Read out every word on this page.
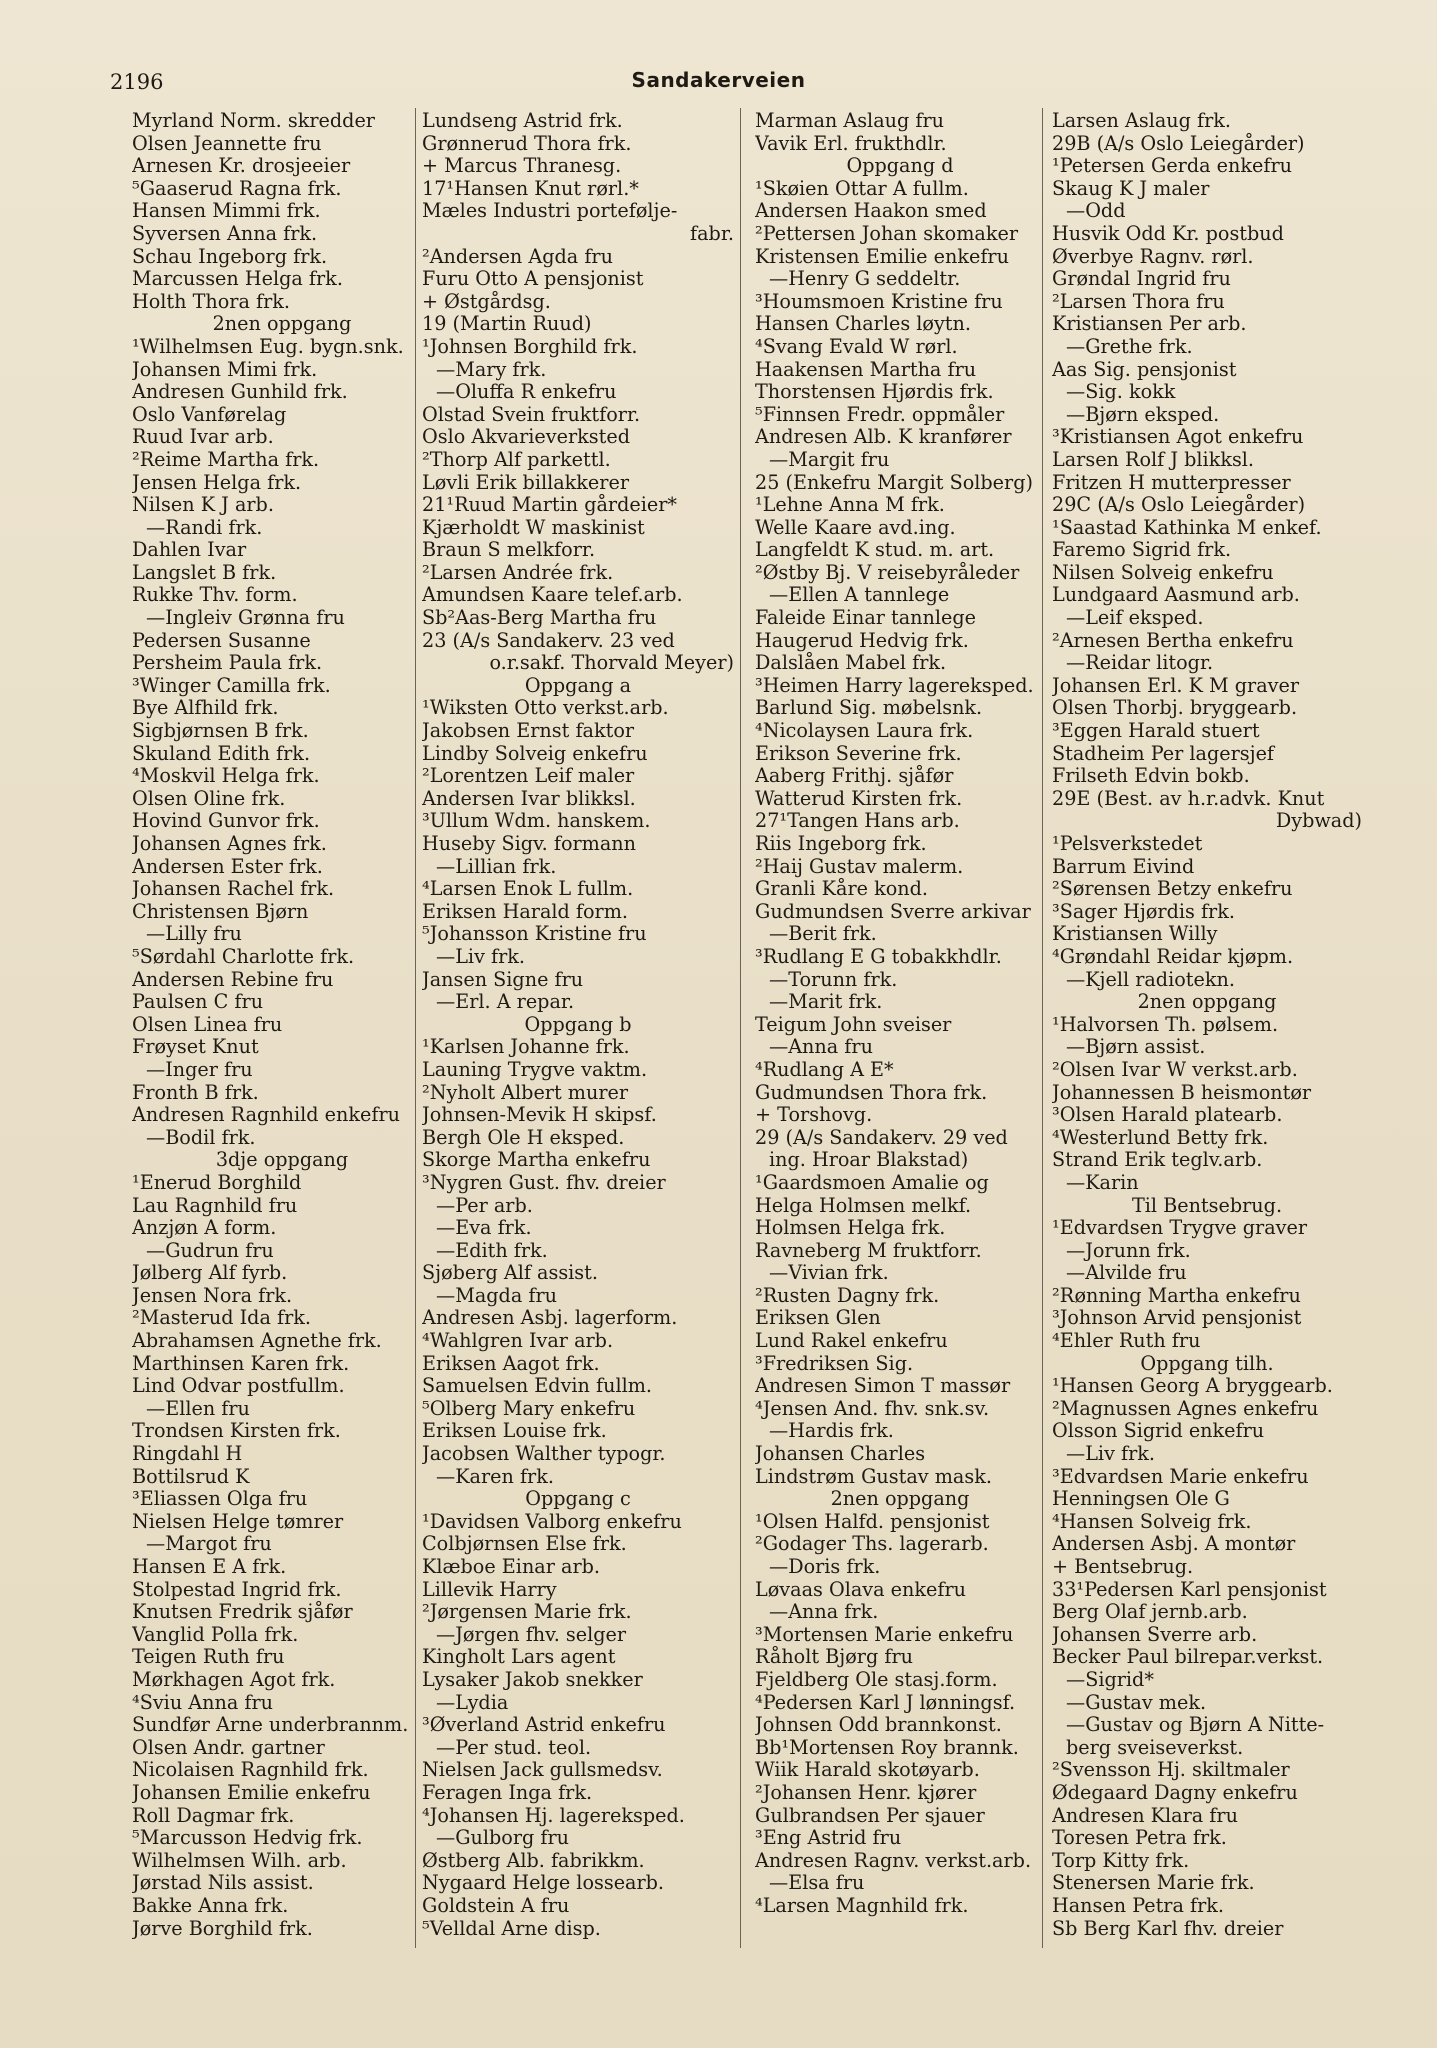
2196	Sandakerveien
Myrland Norm. skredder
Olsen Jeannette fru
Arnesen Kr. drosjeeier
⁵Gaaserud Ragna frk.
Hansen Mimmi frk.
Syversen Anna frk.
Schau Ingeborg frk.
Marcussen Helga frk.
Holth Thora frk.
2nen oppgang
¹Wilhelmsen Eug. bygn.snk.
Johansen Mimi frk.
Andresen Gunhild frk.
Oslo Vanførelag
Ruud Ivar arb.
²Reime Martha frk.
Jensen Helga frk.
Nilsen K J arb.
—Randi frk.
Dahlen Ivar
Langslet B frk.
Rukke Thv. form.
—Ingleiv Grønna fru
Pedersen Susanne
Persheim Paula frk.
³Winger Camilla frk.
Bye Alfhild frk.
Sigbjørnsen B frk.
Skuland Edith frk.
⁴Moskvil Helga frk.
Olsen Oline frk.
Hovind Gunvor frk.
Johansen Agnes frk.
Andersen Ester frk.
Johansen Rachel frk.
Christensen Bjørn
—Lilly fru
⁵Sørdahl Charlotte frk.
Andersen Rebine fru
Paulsen C fru
Olsen Linea fru
Frøyset Knut
—Inger fru
Fronth B frk.
Andresen Ragnhild enkefru
—Bodil frk.
3dje oppgang
¹Enerud Borghild
Lau Ragnhild fru
Anzjøn A form.
—Gudrun fru
Jølberg Alf fyrb.
Jensen Nora frk.
²Masterud Ida frk.
Abrahamsen Agnethe frk.
Marthinsen Karen frk.
Lind Odvar postfullm.
—Ellen fru
Trondsen Kirsten frk.
Ringdahl H
Bottilsrud K
³Eliassen Olga fru
Nielsen Helge tømrer
—Margot fru
Hansen E A frk.
Stolpestad Ingrid frk.
Knutsen Fredrik sjåfør
Vanglid Polla frk.
Teigen Ruth fru
Mørkhagen Agot frk.
⁴Sviu Anna fru
Sundfør Arne underbrannm.
Olsen Andr. gartner
Nicolaisen Ragnhild frk.
Johansen Emilie enkefru
Roll Dagmar frk.
⁵Marcusson Hedvig frk.
Wilhelmsen Wilh. arb.
Jørstad Nils assist.
Bakke Anna frk.
Jørve Borghild frk.
Lundseng Astrid frk.
Grønnerud Thora frk.
+ Marcus Thranesg.
17¹Hansen Knut rørl.*
Mæles Industri portefølje-
fabr.
²Andersen Agda fru
Furu Otto A pensjonist
+ Østgårdsg.
19 (Martin Ruud)
¹Johnsen Borghild frk.
—Mary frk.
—Oluffa R enkefru
Olstad Svein fruktforr.
Oslo Akvarieverksted
²Thorp Alf parkettl.
Løvli Erik billakkerer
21¹Ruud Martin gårdeier*
Kjærholdt W maskinist
Braun S melkforr.
²Larsen Andrée frk.
Amundsen Kaare telef.arb.
Sb²Aas-Berg Martha fru
23 (A/s Sandakerv. 23 ved
o.r.sakf. Thorvald Meyer)
Oppgang a
¹Wiksten Otto verkst.arb.
Jakobsen Ernst faktor
Lindby Solveig enkefru
²Lorentzen Leif maler
Andersen Ivar blikksl.
³Ullum Wdm. hanskem.
Huseby Sigv. formann
—Lillian frk.
⁴Larsen Enok L fullm.
Eriksen Harald form.
⁵Johansson Kristine fru
—Liv frk.
Jansen Signe fru
—Erl. A repar.
Oppgang b
¹Karlsen Johanne frk.
Launing Trygve vaktm.
²Nyholt Albert murer
Johnsen-Mevik H skipsf.
Bergh Ole H eksped.
Skorge Martha enkefru
³Nygren Gust. fhv. dreier
—Per arb.
—Eva frk.
—Edith frk.
Sjøberg Alf assist.
—Magda fru
Andresen Asbj. lagerform.
⁴Wahlgren Ivar arb.
Eriksen Aagot frk.
Samuelsen Edvin fullm.
⁵Olberg Mary enkefru
Eriksen Louise frk.
Jacobsen Walther typogr.
—Karen frk.
Oppgang c
¹Davidsen Valborg enkefru
Colbjørnsen Else frk.
Klæboe Einar arb.
Lillevik Harry
²Jørgensen Marie frk.
—Jørgen fhv. selger
Kingholt Lars agent
Lysaker Jakob snekker
—Lydia
³Øverland Astrid enkefru
—Per stud. teol.
Nielsen Jack gullsmedsv.
Feragen Inga frk.
⁴Johansen Hj. lagereksped.
—Gulborg fru
Østberg Alb. fabrikkm.
Nygaard Helge lossearb.
Goldstein A fru
⁵Velldal Arne disp.
Marman Aslaug fru
Vavik Erl. frukthdlr.
Oppgang d
¹Skøien Ottar A fullm.
Andersen Haakon smed
²Pettersen Johan skomaker
Kristensen Emilie enkefru
—Henry G seddeltr.
³Houmsmoen Kristine fru
Hansen Charles løytn.
⁴Svang Evald W rørl.
Haakensen Martha fru
Thorstensen Hjørdis frk.
⁵Finnsen Fredr. oppmåler
Andresen Alb. K kranfører
—Margit fru
25 (Enkefru Margit Solberg)
¹Lehne Anna M frk.
Welle Kaare avd.ing.
Langfeldt K stud. m. art.
²Østby Bj. V reisebyråleder
—Ellen A tannlege
Faleide Einar tannlege
Haugerud Hedvig frk.
Dalslåen Mabel frk.
³Heimen Harry lagereksped.
Barlund Sig. møbelsnk.
⁴Nicolaysen Laura frk.
Erikson Severine frk.
Aaberg Frithj. sjåfør
Watterud Kirsten frk.
27¹Tangen Hans arb.
Riis Ingeborg frk.
²Haij Gustav malerm.
Granli Kåre kond.
Gudmundsen Sverre arkivar
—Berit frk.
³Rudlang E G tobakkhdlr.
—Torunn frk.
—Marit frk.
Teigum John sveiser
—Anna fru
⁴Rudlang A E*
Gudmundsen Thora frk.
+ Torshovg.
29 (A/s Sandakerv. 29 ved
ing. Hroar Blakstad)
¹Gaardsmoen Amalie og
Helga Holmsen melkf.
Holmsen Helga frk.
Ravneberg M fruktforr.
—Vivian frk.
²Rusten Dagny frk.
Eriksen Glen
Lund Rakel enkefru
³Fredriksen Sig.
Andresen Simon T massør
⁴Jensen And. fhv. snk.sv.
—Hardis frk.
Johansen Charles
Lindstrøm Gustav mask.
2nen oppgang
¹Olsen Halfd. pensjonist
²Godager Ths. lagerarb.
—Doris frk.
Løvaas Olava enkefru
—Anna frk.
³Mortensen Marie enkefru
Råholt Bjørg fru
Fjeldberg Ole stasj.form.
⁴Pedersen Karl J lønningsf.
Johnsen Odd brannkonst.
Bb¹Mortensen Roy brannk.
Wiik Harald skotøyarb.
²Johansen Henr. kjører
Gulbrandsen Per sjauer
³Eng Astrid fru
Andresen Ragnv. verkst.arb.
—Elsa fru
⁴Larsen Magnhild frk.
Larsen Aslaug frk.
29B (A/s Oslo Leiegårder)
¹Petersen Gerda enkefru
Skaug K J maler
—Odd
Husvik Odd Kr. postbud
Øverbye Ragnv. rørl.
Grøndal Ingrid fru
²Larsen Thora fru
Kristiansen Per arb.
—Grethe frk.
Aas Sig. pensjonist
—Sig. kokk
—Bjørn eksped.
³Kristiansen Agot enkefru
Larsen Rolf J blikksl.
Fritzen H mutterpresser
29C (A/s Oslo Leiegårder)
¹Saastad Kathinka M enkef.
Faremo Sigrid frk.
Nilsen Solveig enkefru
Lundgaard Aasmund arb.
—Leif eksped.
²Arnesen Bertha enkefru
—Reidar litogr.
Johansen Erl. K M graver
Olsen Thorbj. bryggearb.
³Eggen Harald stuert
Stadheim Per lagersjef
Frilseth Edvin bokb.
29E (Best. av h.r.advk. Knut
Dybwad)
¹Pelsverkstedet
Barrum Eivind
²Sørensen Betzy enkefru
³Sager Hjørdis frk.
Kristiansen Willy
⁴Grøndahl Reidar kjøpm.
—Kjell radiotekn.
2nen oppgang
¹Halvorsen Th. pølsem.
—Bjørn assist.
²Olsen Ivar W verkst.arb.
Johannessen B heismontør
³Olsen Harald platearb.
⁴Westerlund Betty frk.
Strand Erik teglv.arb.
—Karin
Til Bentsebrug.
¹Edvardsen Trygve graver
—Jorunn frk.
—Alvilde fru
²Rønning Martha enkefru
³Johnson Arvid pensjonist
⁴Ehler Ruth fru
Oppgang tilh.
¹Hansen Georg A bryggearb.
²Magnussen Agnes enkefru
Olsson Sigrid enkefru
—Liv frk.
³Edvardsen Marie enkefru
Henningsen Ole G
⁴Hansen Solveig frk.
Andersen Asbj. A montør
+ Bentsebrug.
33¹Pedersen Karl pensjonist
Berg Olaf jernb.arb.
Johansen Sverre arb.
Becker Paul bilrepar.verkst.
—Sigrid*
—Gustav mek.
—Gustav og Bjørn A Nitte-
berg sveiseverkst.
²Svensson Hj. skiltmaler
Ødegaard Dagny enkefru
Andresen Klara fru
Toresen Petra frk.
Torp Kitty frk.
Stenersen Marie frk.
Hansen Petra frk.
Sb Berg Karl fhv. dreier
